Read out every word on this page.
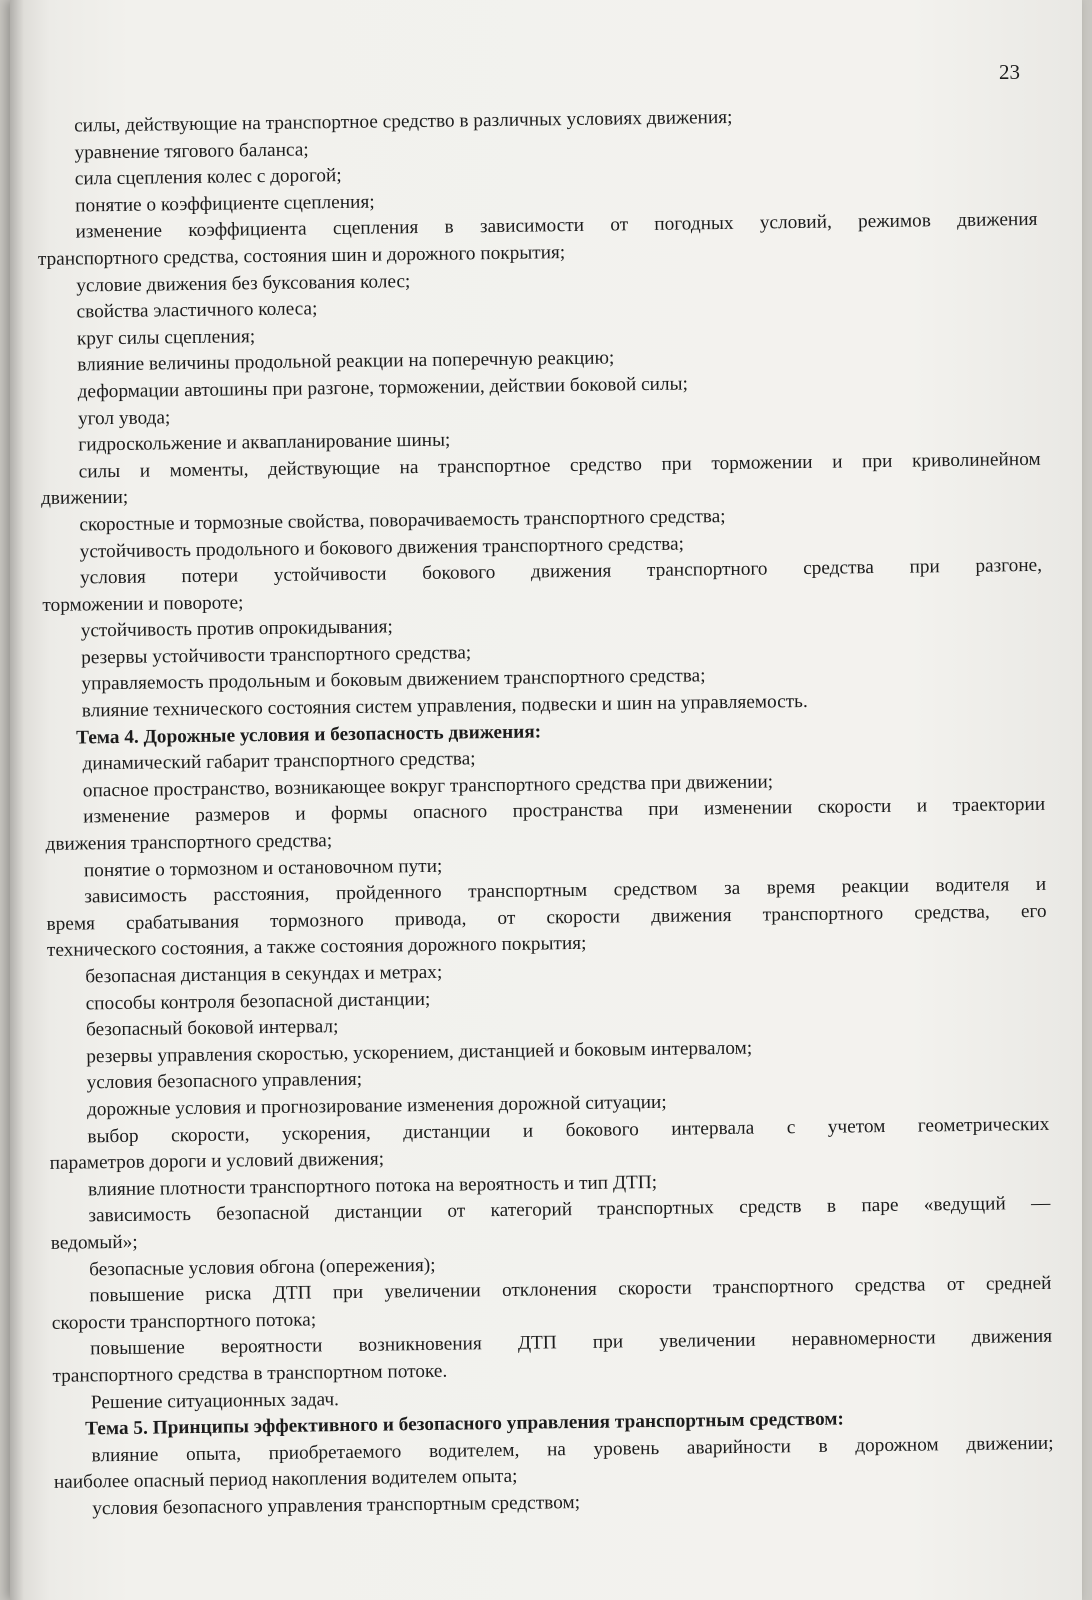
23
силы, действующие на транспортное средство в различных условиях движения;
уравнение тягового баланса;
сила сцепления колес с дорогой;
понятие о коэффициенте сцепления;
изменение коэффициента сцепления в зависимости от погодных условий, режимов движения
транспортного средства, состояния шин и дорожного покрытия;
условие движения без буксования колес;
свойства эластичного колеса;
круг силы сцепления;
влияние величины продольной реакции на поперечную реакцию;
деформации автошины при разгоне, торможении, действии боковой силы;
угол увода;
гидроскольжение и аквапланирование шины;
силы и моменты, действующие на транспортное средство при торможении и при криволинейном
движении;
скоростные и тормозные свойства, поворачиваемость транспортного средства;
устойчивость продольного и бокового движения транспортного средства;
условия потери устойчивости бокового движения транспортного средства при разгоне,
торможении и повороте;
устойчивость против опрокидывания;
резервы устойчивости транспортного средства;
управляемость продольным и боковым движением транспортного средства;
влияние технического состояния систем управления, подвески и шин на управляемость.
Тема 4. Дорожные условия и безопасность движения:
динамический габарит транспортного средства;
опасное пространство, возникающее вокруг транспортного средства при движении;
изменение размеров и формы опасного пространства при изменении скорости и траектории
движения транспортного средства;
понятие о тормозном и остановочном пути;
зависимость расстояния, пройденного транспортным средством за время реакции водителя и
время срабатывания тормозного привода, от скорости движения транспортного средства, его
технического состояния, а также состояния дорожного покрытия;
безопасная дистанция в секундах и метрах;
способы контроля безопасной дистанции;
безопасный боковой интервал;
резервы управления скоростью, ускорением, дистанцией и боковым интервалом;
условия безопасного управления;
дорожные условия и прогнозирование изменения дорожной ситуации;
выбор скорости, ускорения, дистанции и бокового интервала с учетом геометрических
параметров дороги и условий движения;
влияние плотности транспортного потока на вероятность и тип ДТП;
зависимость безопасной дистанции от категорий транспортных средств в паре «ведущий —
ведомый»;
безопасные условия обгона (опережения);
повышение риска ДТП при увеличении отклонения скорости транспортного средства от средней
скорости транспортного потока;
повышение вероятности возникновения ДТП при увеличении неравномерности движения
транспортного средства в транспортном потоке.
Решение ситуационных задач.
Тема 5. Принципы эффективного и безопасного управления транспортным средством:
влияние опыта, приобретаемого водителем, на уровень аварийности в дорожном движении;
наиболее опасный период накопления водителем опыта;
условия безопасного управления транспортным средством;
